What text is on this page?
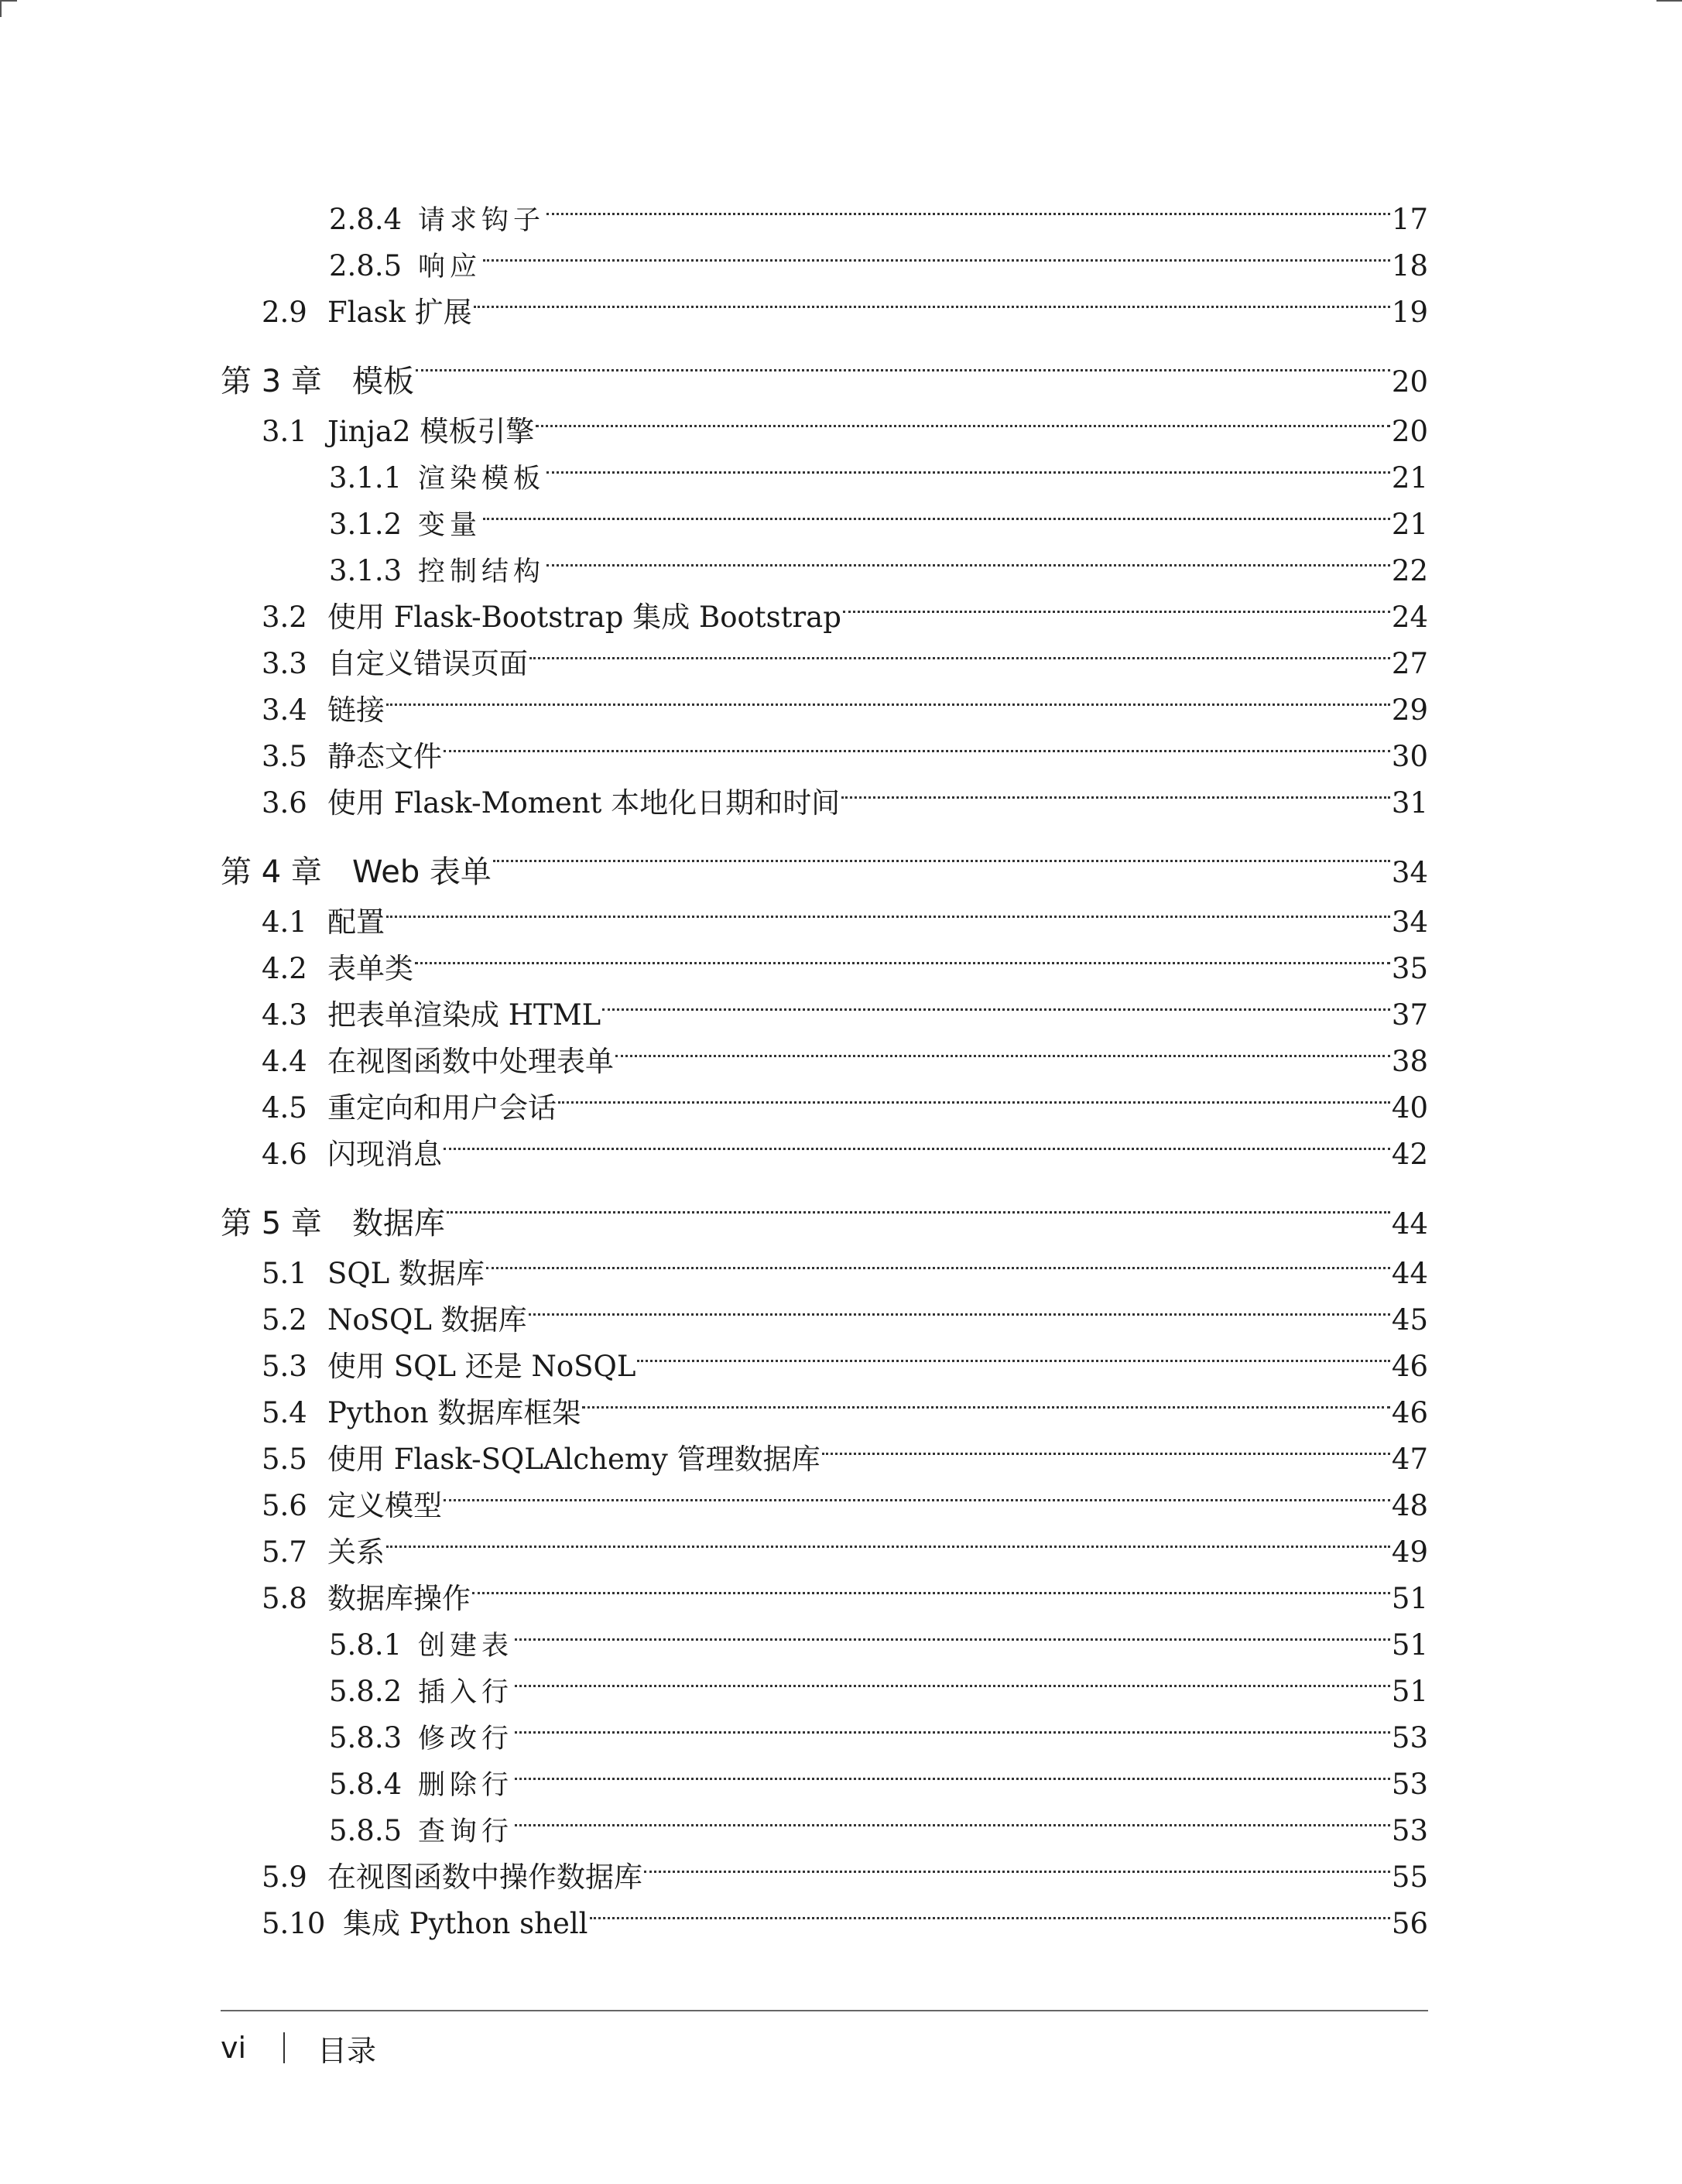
2.8.4 请求钩子	17
2.8.5 响应	18
2.9 Flask 扩展	19
第 3 章 模板	20
3.1 Jinja2 模板引擎	20
3.1.1 渲染模板	21
3.1.2 变量	21
3.1.3 控制结构	22
3.2 使用 Flask-Bootstrap 集成 Bootstrap	24
3.3 自定义错误页面	27
3.4 链接	29
3.5 静态文件	30
3.6 使用 Flask-Moment 本地化日期和时间	31
第 4 章 Web 表单	34
4.1 配置	34
4.2 表单类	35
4.3 把表单渲染成 HTML	37
4.4 在视图函数中处理表单	38
4.5 重定向和用户会话	40
4.6 闪现消息	42
第 5 章 数据库	44
5.1 SQL 数据库	44
5.2 NoSQL 数据库	45
5.3 使用 SQL 还是 NoSQL	46
5.4 Python 数据库框架	46
5.5 使用 Flask-SQLAlchemy 管理数据库	47
5.6 定义模型	48
5.7 关系	49
5.8 数据库操作	51
5.8.1 创建表	51
5.8.2 插入行	51
5.8.3 修改行	53
5.8.4 删除行	53
5.8.5 查询行	53
5.9 在视图函数中操作数据库	55
5.10 集成 Python shell	56
vi 目录
